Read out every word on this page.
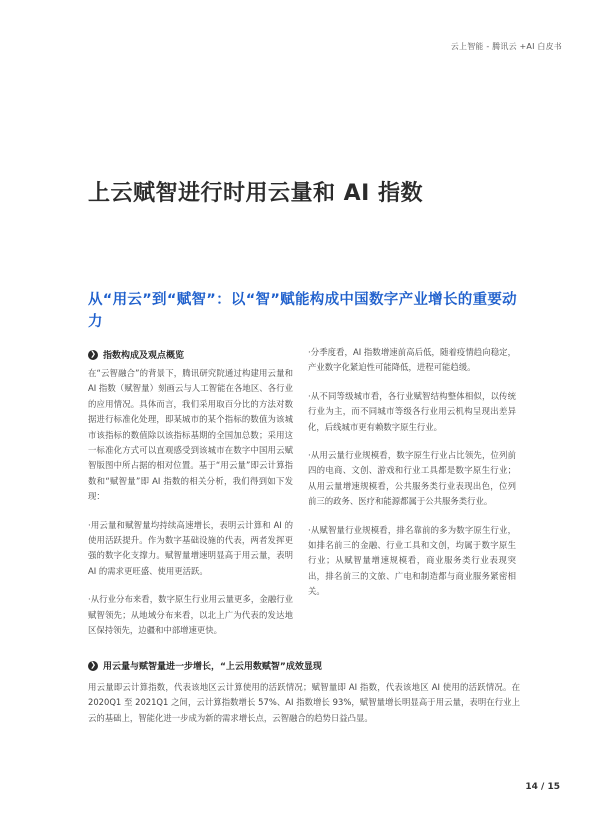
云上智能 - 腾讯云 +AI 白皮书
上云赋智进行时用云量和 AI 指数
从“用云”到“赋智”：以“智”赋能构成中国数字产业增长的重要动力
❯ 指数构成及观点概览

在“云智融合”的背景下，腾讯研究院通过构建用云量和 AI 指数（赋智量）刻画云与人工智能在各地区、各行业的应用情况。具体而言，我们采用取百分比的方法对数据进行标准化处理，即某城市的某个指标的数值为该城市该指标的数值除以该指标基期的全国加总数；采用这一标准化方式可以直观感受到该城市在数字中国用云赋智版图中所占据的相对位置。基于“用云量”即云计算指数和“赋智量”即 AI 指数的相关分析，我们得到如下发现：

·用云量和赋智量均持续高速增长，表明云计算和 AI 的使用活跃提升。作为数字基础设施的代表，两者发挥更强的数字化支撑力。赋智量增速明显高于用云量，表明 AI 的需求更旺盛、使用更活跃。

·从行业分布来看，数字原生行业用云量更多，金融行业赋智领先；从地域分布来看，以北上广为代表的发达地区保持领先，边疆和中部增速更快。

·分季度看，AI 指数增速前高后低，随着疫情趋向稳定，产业数字化紧迫性可能降低，进程可能趋缓。

·从不同等级城市看，各行业赋智结构整体相似，以传统行业为主，而不同城市等级各行业用云机构呈现出差异化，后线城市更有赖数字原生行业。

·从用云量行业规模看，数字原生行业占比领先，位列前四的电商、文创、游戏和行业工具都是数字原生行业；从用云量增速规模看，公共服务类行业表现出色，位列前三的政务、医疗和能源都属于公共服务类行业。

·从赋智量行业规模看，排名靠前的多为数字原生行业，如排名前三的金融、行业工具和文创，均属于数字原生行业；从赋智量增速规模看，商业服务类行业表现突出，排名前三的文旅、广电和制造都与商业服务紧密相关。

❯ 用云量与赋智量进一步增长，“上云用数赋智”成效显现

用云量即云计算指数，代表该地区云计算使用的活跃情况；赋智量即 AI 指数，代表该地区 AI 使用的活跃情况。在 2020Q1 至 2021Q1 之间，云计算指数增长 57%、AI 指数增长 93%，赋智量增长明显高于用云量，表明在行业上云的基础上，智能化进一步成为新的需求增长点，云智融合的趋势日益凸显。

14 / 15
